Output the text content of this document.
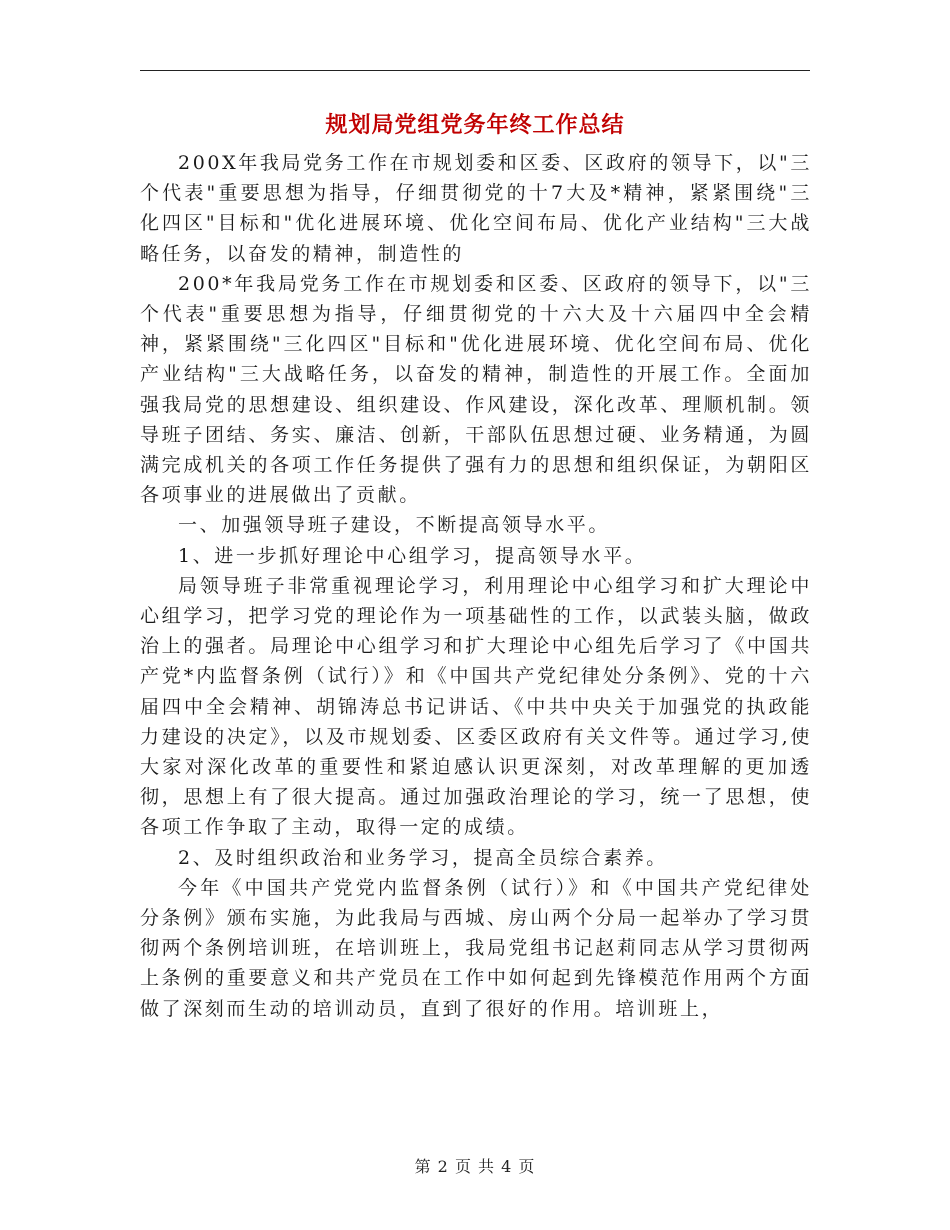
规划局党组党务年终工作总结

200X年我局党务工作在市规划委和区委、区政府的领导下，以"三个代表"重要思想为指导，仔细贯彻党的十7大及*精神，紧紧围绕"三化四区"目标和"优化进展环境、优化空间布局、优化产业结构"三大战略任务，以奋发的精神，制造性的

200*年我局党务工作在市规划委和区委、区政府的领导下，以"三个代表"重要思想为指导，仔细贯彻党的十六大及十六届四中全会精神，紧紧围绕"三化四区"目标和"优化进展环境、优化空间布局、优化产业结构"三大战略任务，以奋发的精神，制造性的开展工作。全面加强我局党的思想建设、组织建设、作风建设，深化改革、理顺机制。领导班子团结、务实、廉洁、创新，干部队伍思想过硬、业务精通，为圆满完成机关的各项工作任务提供了强有力的思想和组织保证，为朝阳区各项事业的进展做出了贡献。

一、加强领导班子建设，不断提高领导水平。

1、进一步抓好理论中心组学习，提高领导水平。

局领导班子非常重视理论学习，利用理论中心组学习和扩大理论中心组学习，把学习党的理论作为一项基础性的工作，以武装头脑，做政治上的强者。局理论中心组学习和扩大理论中心组先后学习了《中国共产党*内监督条例（试行）》和《中国共产党纪律处分条例》、党的十六届四中全会精神、胡锦涛总书记讲话、《中共中央关于加强党的执政能力建设的决定》，以及市规划委、区委区政府有关文件等。通过学习,使大家对深化改革的重要性和紧迫感认识更深刻，对改革理解的更加透彻，思想上有了很大提高。通过加强政治理论的学习，统一了思想，使各项工作争取了主动，取得一定的成绩。

2、及时组织政治和业务学习，提高全员综合素养。

今年《中国共产党党内监督条例（试行）》和《中国共产党纪律处分条例》颁布实施，为此我局与西城、房山两个分局一起举办了学习贯彻两个条例培训班，在培训班上，我局党组书记赵莉同志从学习贯彻两上条例的重要意义和共产党员在工作中如何起到先锋模范作用两个方面做了深刻而生动的培训动员，直到了很好的作用。培训班上，

第 2 页 共 4 页
